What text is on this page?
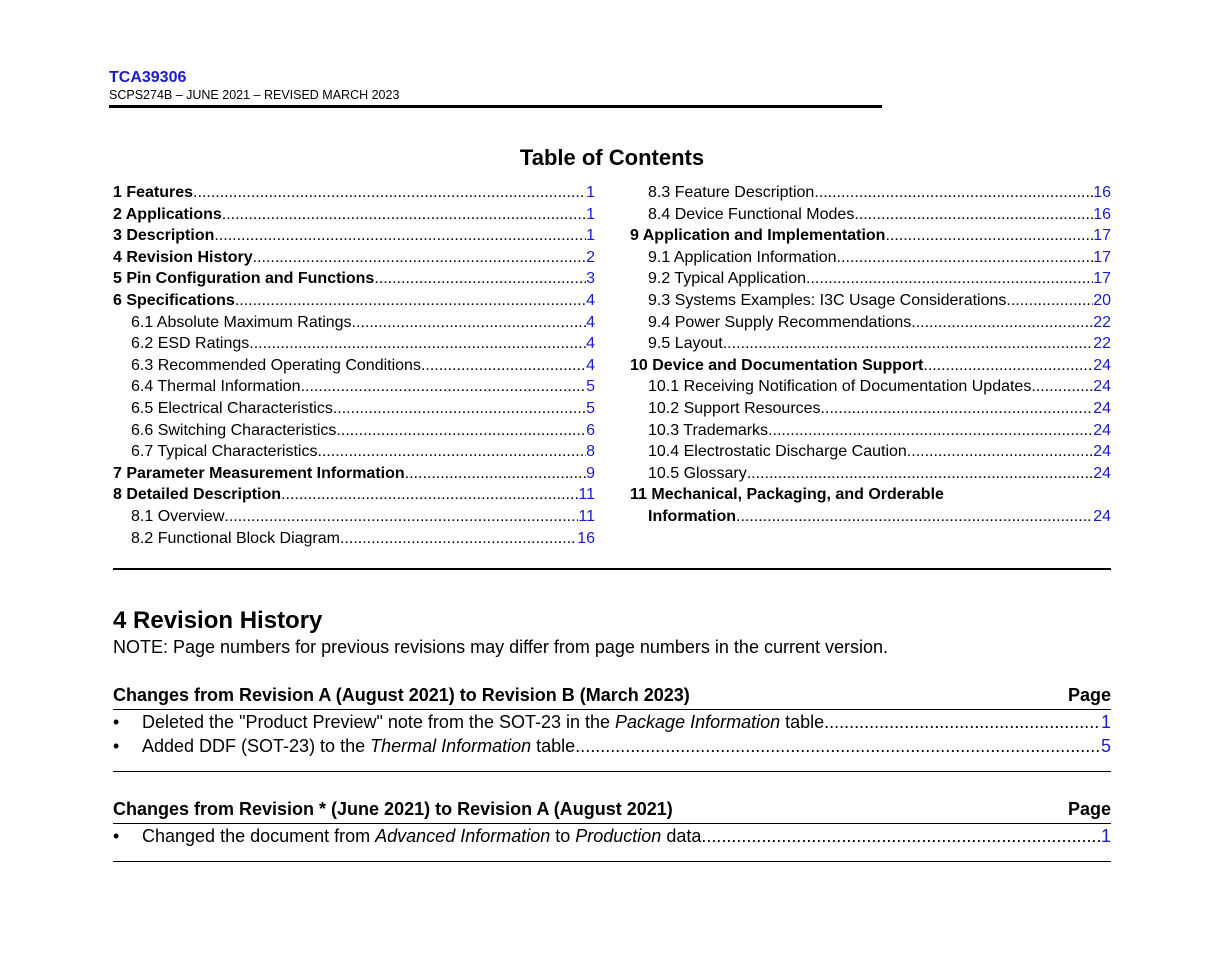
TCA39306
SCPS274B – JUNE 2021 – REVISED MARCH 2023
Table of Contents
1 Features .....	1
2 Applications .....	1
3 Description .....	1
4 Revision History .....	2
5 Pin Configuration and Functions .....	3
6 Specifications .....	4
6.1 Absolute Maximum Ratings .....	4
6.2 ESD Ratings .....	4
6.3 Recommended Operating Conditions .....	4
6.4 Thermal Information .....	5
6.5 Electrical Characteristics .....	5
6.6 Switching Characteristics .....	6
6.7 Typical Characteristics .....	8
7 Parameter Measurement Information .....	9
8 Detailed Description .....	11
8.1 Overview .....	11
8.2 Functional Block Diagram .....	16
8.3 Feature Description .....	16
8.4 Device Functional Modes .....	16
9 Application and Implementation .....	17
9.1 Application Information .....	17
9.2 Typical Application .....	17
9.3 Systems Examples: I3C Usage Considerations .....	20
9.4 Power Supply Recommendations .....	22
9.5 Layout .....	22
10 Device and Documentation Support .....	24
10.1 Receiving Notification of Documentation Updates .....	24
10.2 Support Resources .....	24
10.3 Trademarks .....	24
10.4 Electrostatic Discharge Caution .....	24
10.5 Glossary .....	24
11 Mechanical, Packaging, and Orderable
Information .....	24
4 Revision History
NOTE: Page numbers for previous revisions may differ from page numbers in the current version.
Changes from Revision A (August 2021) to Revision B (March 2023)	Page
•	Deleted the "Product Preview" note from the SOT-23 in the Package Information table .....	1
•	Added DDF (SOT-23) to the Thermal Information table .....	5
Changes from Revision * (June 2021) to Revision A (August 2021)	Page
•	Changed the document from Advanced Information to Production data .....	1
